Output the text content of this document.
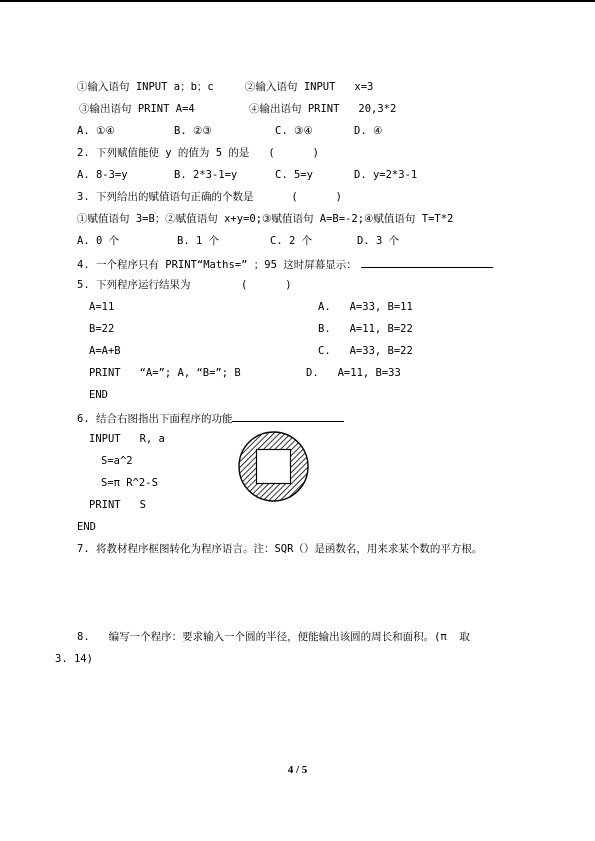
①输入语句 INPUT a；b；c	②输入语句 INPUT   x=3
③输出语句 PRINT A=4	④输出语句 PRINT   20,3*2
A. ①④	B. ②③	C. ③④	D. ④
2. 下列赋值能使 y 的值为 5 的是   (      )
A. 8-3=y	B. 2*3-1=y	C. 5=y	D. y=2*3-1
3. 下列给出的赋值语句正确的个数是      (      )
①赋值语句 3=B；②赋值语句 x+y=0;③赋值语句 A=B=-2;④赋值语句 T=T*2
A. 0 个	B. 1 个	C. 2 个	D. 3 个
4. 一个程序只有 PRINT“Maths=” ；95 这时屏幕显示：
5. 下列程序运行结果为        (      )
A=11	A.   A=33, B=11
B=22	B.   A=11, B=22
A=A+B	C.   A=33, B=22
PRINT   “A=”; A, “B=”; B	D.   A=11, B=33
END
6. 结合右图指出下面程序的功能
INPUT   R, a
S=a^2
S=π R^2-S
PRINT   S
END
7. 将教材程序框图转化为程序语言。注：SQR（）是函数名，用来求某个数的平方根。
8.   编写一个程序：要求输入一个圆的半径，便能输出该圆的周长和面积。(π  取
3. 14)
4 / 5
